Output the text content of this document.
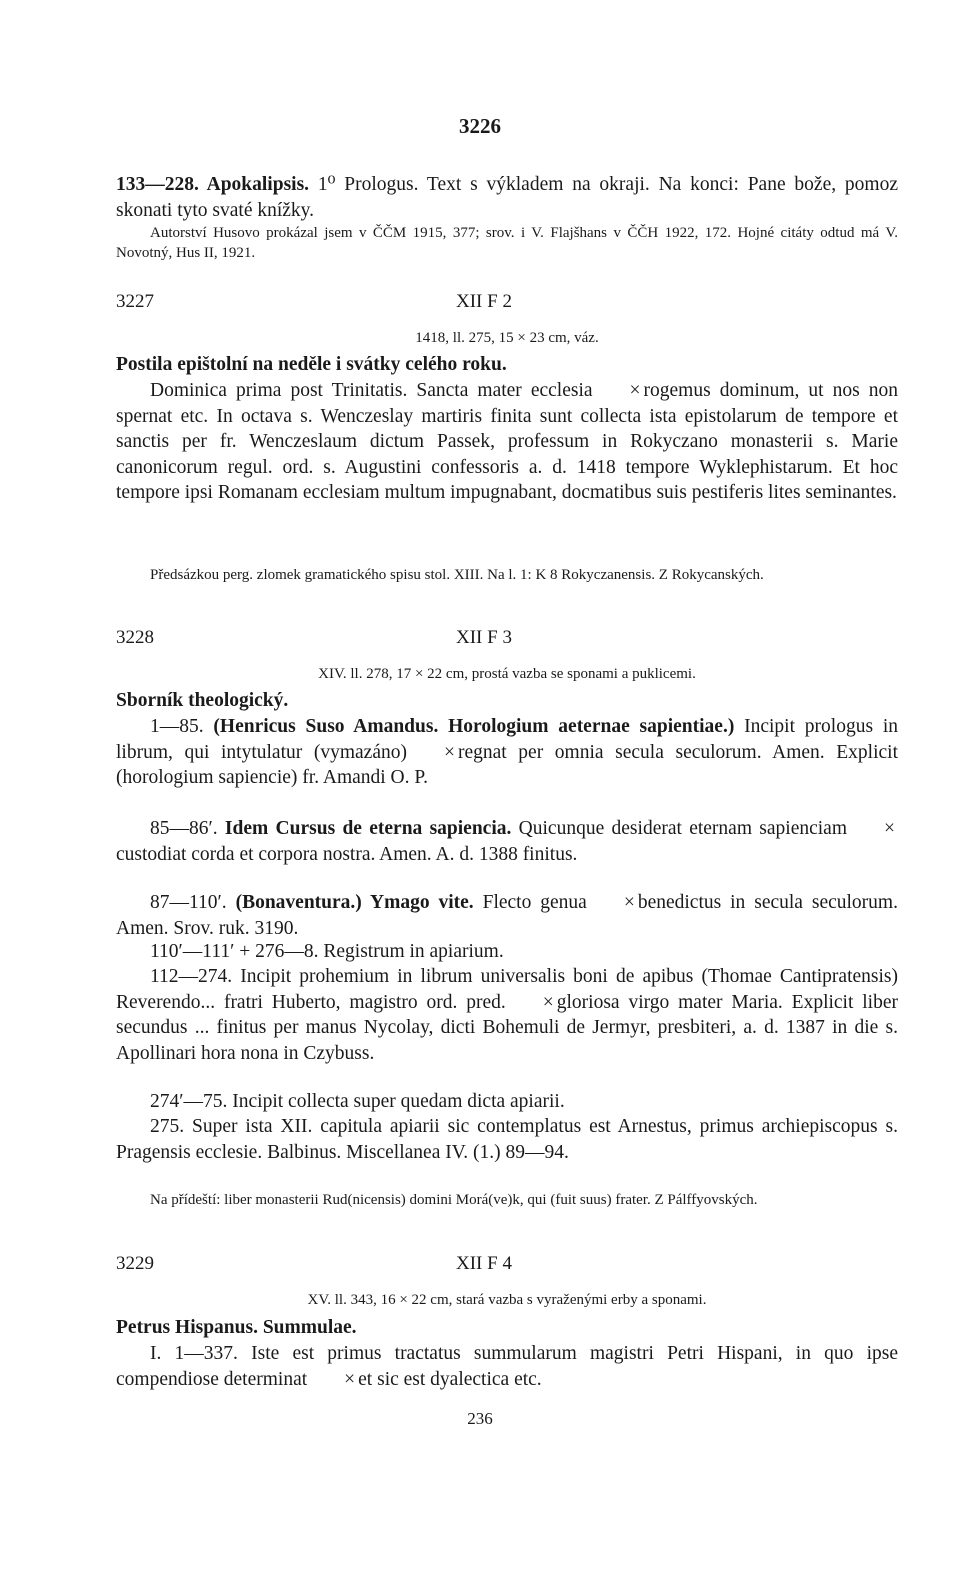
3226
133—228. Apokalipsis. 1⁰ Prologus. Text s výkladem na okraji. Na konci: Pane bože, pomoz skonati tyto svaté knížky.
Autorství Husovo prokázal jsem v ČČM 1915, 377; srov. i V. Flajšhans v ČČH 1922, 172. Hojné citáty odtud má V. Novotný, Hus II, 1921.
3227	XII F 2
1418, ll. 275, 15 × 23 cm, váz.
Postila epištolní na neděle i svátky celého roku.
Dominica prima post Trinitatis. Sancta mater ecclesia × rogemus dominum, ut nos non spernat etc. In octava s. Wenczeslay martiris finita sunt collecta ista epistolarum de tempore et sanctis per fr. Wenczeslaum dictum Passek, professum in Rokyczano monasterii s. Marie canonicorum regul. ord. s. Augustini confessoris a. d. 1418 tempore Wyklephistarum. Et hoc tempore ipsi Romanam ecclesiam multum impugnabant, docmatibus suis pestiferis lites seminantes.
Předsázkou perg. zlomek gramatického spisu stol. XIII. Na l. 1: K 8 Rokyczanensis. Z Rokycanských.
3228	XII F 3
XIV. ll. 278, 17 × 22 cm, prostá vazba se sponami a puklicemi.
Sborník theologický.
1—85. (Henricus Suso Amandus. Horologium aeternae sapientiae.) Incipit prologus in librum, qui intytulatur (vymazáno) × regnat per omnia secula seculorum. Amen. Explicit (horologium sapiencie) fr. Amandi O. P.
85—86′. Idem Cursus de eterna sapiencia. Quicunque desiderat eternam sapienciam ×custodiat corda et corpora nostra. Amen. A. d. 1388 finitus.
87—110′. (Bonaventura.) Ymago vite. Flecto genua × benedictus in secula seculorum. Amen. Srov. ruk. 3190.
110′—111′ + 276—8. Registrum in apiarium.
112—274. Incipit prohemium in librum universalis boni de apibus (Thomae Cantipratensis) Reverendo... fratri Huberto, magistro ord. pred. × gloriosa virgo mater Maria. Explicit liber secundus ... finitus per manus Nycolay, dicti Bohemuli de Jermyr, presbiteri, a. d. 1387 in die s. Apollinari hora nona in Czybuss.
274′—75. Incipit collecta super quedam dicta apiarii.
275. Super ista XII. capitula apiarii sic contemplatus est Arnestus, primus archiepiscopus s. Pragensis ecclesie. Balbinus. Miscellanea IV. (1.) 89—94.
Na přídeští: liber monasterii Rud(nicensis) domini Morá(ve)k, qui (fuit suus) frater. Z Pálffyovských.
3229	XII F 4
XV. ll. 343, 16 × 22 cm, stará vazba s vyraženými erby a sponami.
Petrus Hispanus. Summulae.
I. 1—337. Iste est primus tractatus summularum magistri Petri Hispani, in quo ipse compendiose determinat × et sic est dyalectica etc.
236
